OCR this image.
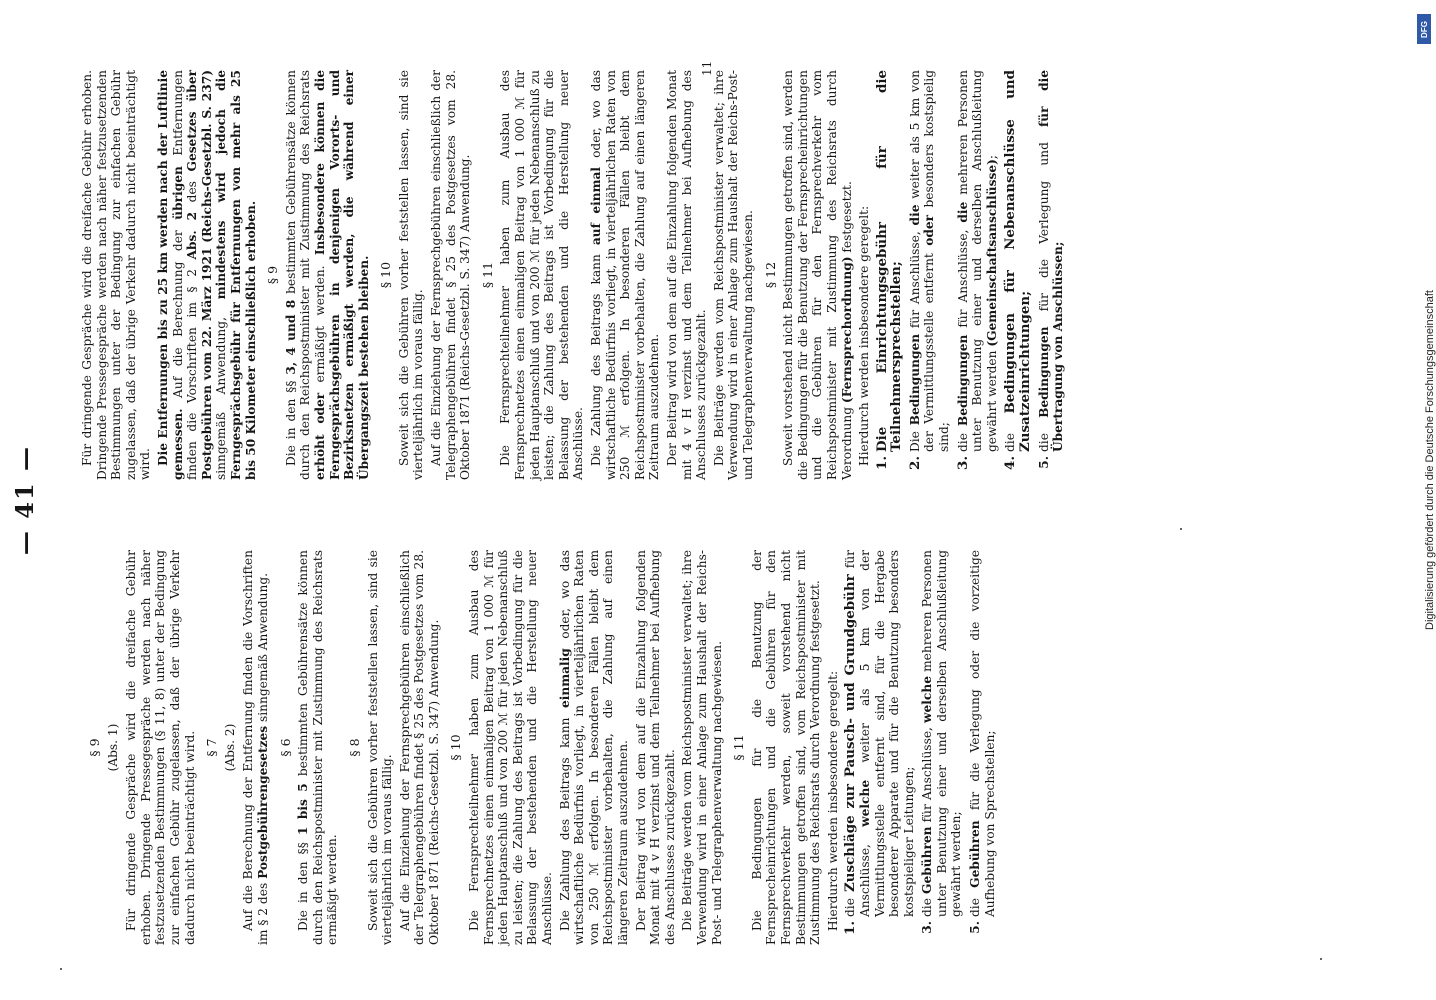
— 41 —
§ 9 (Abs. 1) Für dringende Gespräche wird die dreifache Gebühr erhoben. Dringende Pressegespräche werden nach näher festzusetzenden Bestimmungen (§ 11, 8) unter der Bedingung zur einfachen Gebühr zugelassen, daß der übrige Verkehr dadurch nicht beeinträchtigt wird. § 7 (Abs. 2) Auf die Berechnung der Entfernung finden die Vorschriften im § 2 des Postgebührengesetzes sinngemäß Anwendung.

§ 6

Die in den §§ 1 bis 5 bestimmten Gebührensätze können durch den Reichspostminister mit Zustimmung des Reichsrats ermäßigt werden.

§ 8 Soweit sich die Gebühren vorher feststellen lassen, sind sie vierteljährlich im voraus fällig. Auf die Einziehung der Fernsprechgebühren einschließlich der Telegraphengebühren findet § 25 des Postgesetzes vom 28. Oktober 1871 (Reichs-Gesetzbl. S. 347) Anwendung. § 10 Die Fernsprechteilnehmer haben zum Ausbau des Fernsprechnetzes einen einmaligen Beitrag von 1 000 ℳ für jeden Hauptanschluß und von 200 ℳ für jeden Nebenanschluß zu leisten; die Zahlung des Beitrags ist Vorbedingung für die Belassung der bestehenden und die Herstellung neuer Anschlüsse. Die Zahlung des Beitrags kann einmalig oder, wo das wirtschaftliche Bedürfnis vorliegt, in vierteljährlichen Raten von 250 ℳ erfolgen. In besonderen Fällen bleibt dem Reichspostminister vorbehalten, die Zahlung auf einen längeren Zeitraum auszudehnen. Der Beitrag wird von dem auf die Einzahlung folgenden Monat mit 4 v H verzinst und dem Teilnehmer bei Aufhebung des Anschlusses zurückgezahlt. Die Beiträge werden vom Reichspostminister verwaltet; ihre Verwendung wird in einer Anlage zum Haushalt der Reichs-Post- und Telegraphenverwaltung nachgewiesen. § 11 Die Bedingungen für die Benutzung der Fernsprecheinrichtungen und die Gebühren für den Fernsprechverkehr werden, soweit vorstehend nicht Bestimmungen getroffen sind, vom Reichspostminister mit Zustimmung des Reichsrats durch Verordnung festgesetzt. Hierdurch werden insbesondere geregelt: 1.
die Zuschläge zur Pausch- und Grundgebühr für Anschlüsse, welche weiter als 5 km von der Vermittlungsstelle entfernt sind, für die Hergabe besonderer Apparate und für die Benutzung besonders kostspieliger Leitungen;
3.
die Gebühren für Anschlüsse, welche mehreren Personen unter Benutzung einer und derselben Anschlußleitung gewährt werden;
5.
die Gebühren für die Verlegung oder die vorzeitige Aufhebung von Sprechstellen;

Für dringende Gespräche wird die dreifache Gebühr erhoben. Dringende Pressegespräche werden nach näher festzusetzenden Bestimmungen unter der Bedingung zur einfachen Gebühr zugelassen, daß der übrige Verkehr dadurch nicht beeinträchtigt wird. Die Entfernungen bis zu 25 km werden nach der Luftlinie gemessen. Auf die Berechnung der übrigen Entfernungen finden die Vorschriften im § 2 Abs. 2 des Gesetzes über Postgebühren vom 22. März 1921 (Reichs-Gesetzbl. S. 237) sinngemäß Anwendung, mindestens wird jedoch die Ferngesprächsgebühr für Entfernungen von mehr als 25 bis 50 Kilometer einschließlich erhoben. § 9

Die in den §§ 3, 4 und 8 bestimmten Gebührensätze können durch den Reichspostminister mit Zustimmung des Reichsrats erhöht oder ermäßigt werden. Insbesondere können die Ferngesprächsgebühren in denjenigen Vororts- und Bezirksnetzen ermäßigt werden, die während einer Übergangszeit bestehen bleiben. § 10 Soweit sich die Gebühren vorher feststellen lassen, sind sie vierteljährlich im voraus fällig. Auf die Einziehung der Fernsprechgebühren einschließlich der Telegraphengebühren findet § 25 des Postgesetzes vom 28. Oktober 1871 (Reichs-Gesetzbl. S. 347) Anwendung. § 11 Die Fernsprechteilnehmer haben zum Ausbau des Fernsprechnetzes einen einmaligen Beitrag von 1 000 ℳ für jeden Hauptanschluß und von 200 ℳ für jeden Nebenanschluß zu leisten; die Zahlung des Beitrags ist Vorbedingung für die Belassung der bestehenden und die Herstellung neuer Anschlüsse. Die Zahlung des Beitrags kann auf einmal oder, wo das wirtschaftliche Bedürfnis vorliegt, in vierteljährlichen Raten von 250 ℳ erfolgen. In besonderen Fällen bleibt dem Reichspostminister vorbehalten, die Zahlung auf einen längeren Zeitraum auszudehnen. Der Beitrag wird von dem auf die Einzahlung folgenden Monat mit 4 v H verzinst und dem Teilnehmer bei Aufhebung des Anschlusses zurückgezahlt. Die Beiträge werden vom Reichspostminister verwaltet; ihre Verwendung wird in einer Anlage zum Haushalt der Reichs-Post- und Telegraphenverwaltung nachgewiesen. § 12 Soweit vorstehend nicht Bestimmungen getroffen sind, werden die Bedingungen für die Benutzung der Fernsprecheinrichtungen und die Gebühren für den Fernsprechverkehr vom Reichspostminister mit Zustimmung des Reichsrats durch Verordnung (Fernsprechordnung) festgesetzt. Hierdurch werden insbesondere geregelt: 1.
Die Einrichtungsgebühr für die Teilnehmersprechstellen;
2.
Die Bedingungen für Anschlüsse, die weiter als 5 km von der Vermittlungsstelle entfernt oder besonders kostspielig sind;
3.
die Bedingungen für Anschlüsse, die mehreren Personen unter Benutzung einer und derselben Anschlußleitung gewährt werden (Gemeinschaftsanschlüsse);
4.
die Bedingungen für Nebenanschlüsse und Zusatzeinrichtungen;
5.
die Bedingungen für die Verlegung und für die Übertragung von Anschlüssen;
11
DFG
Digitalisierung gefördert durch die Deutsche Forschungsgemeinschaft
